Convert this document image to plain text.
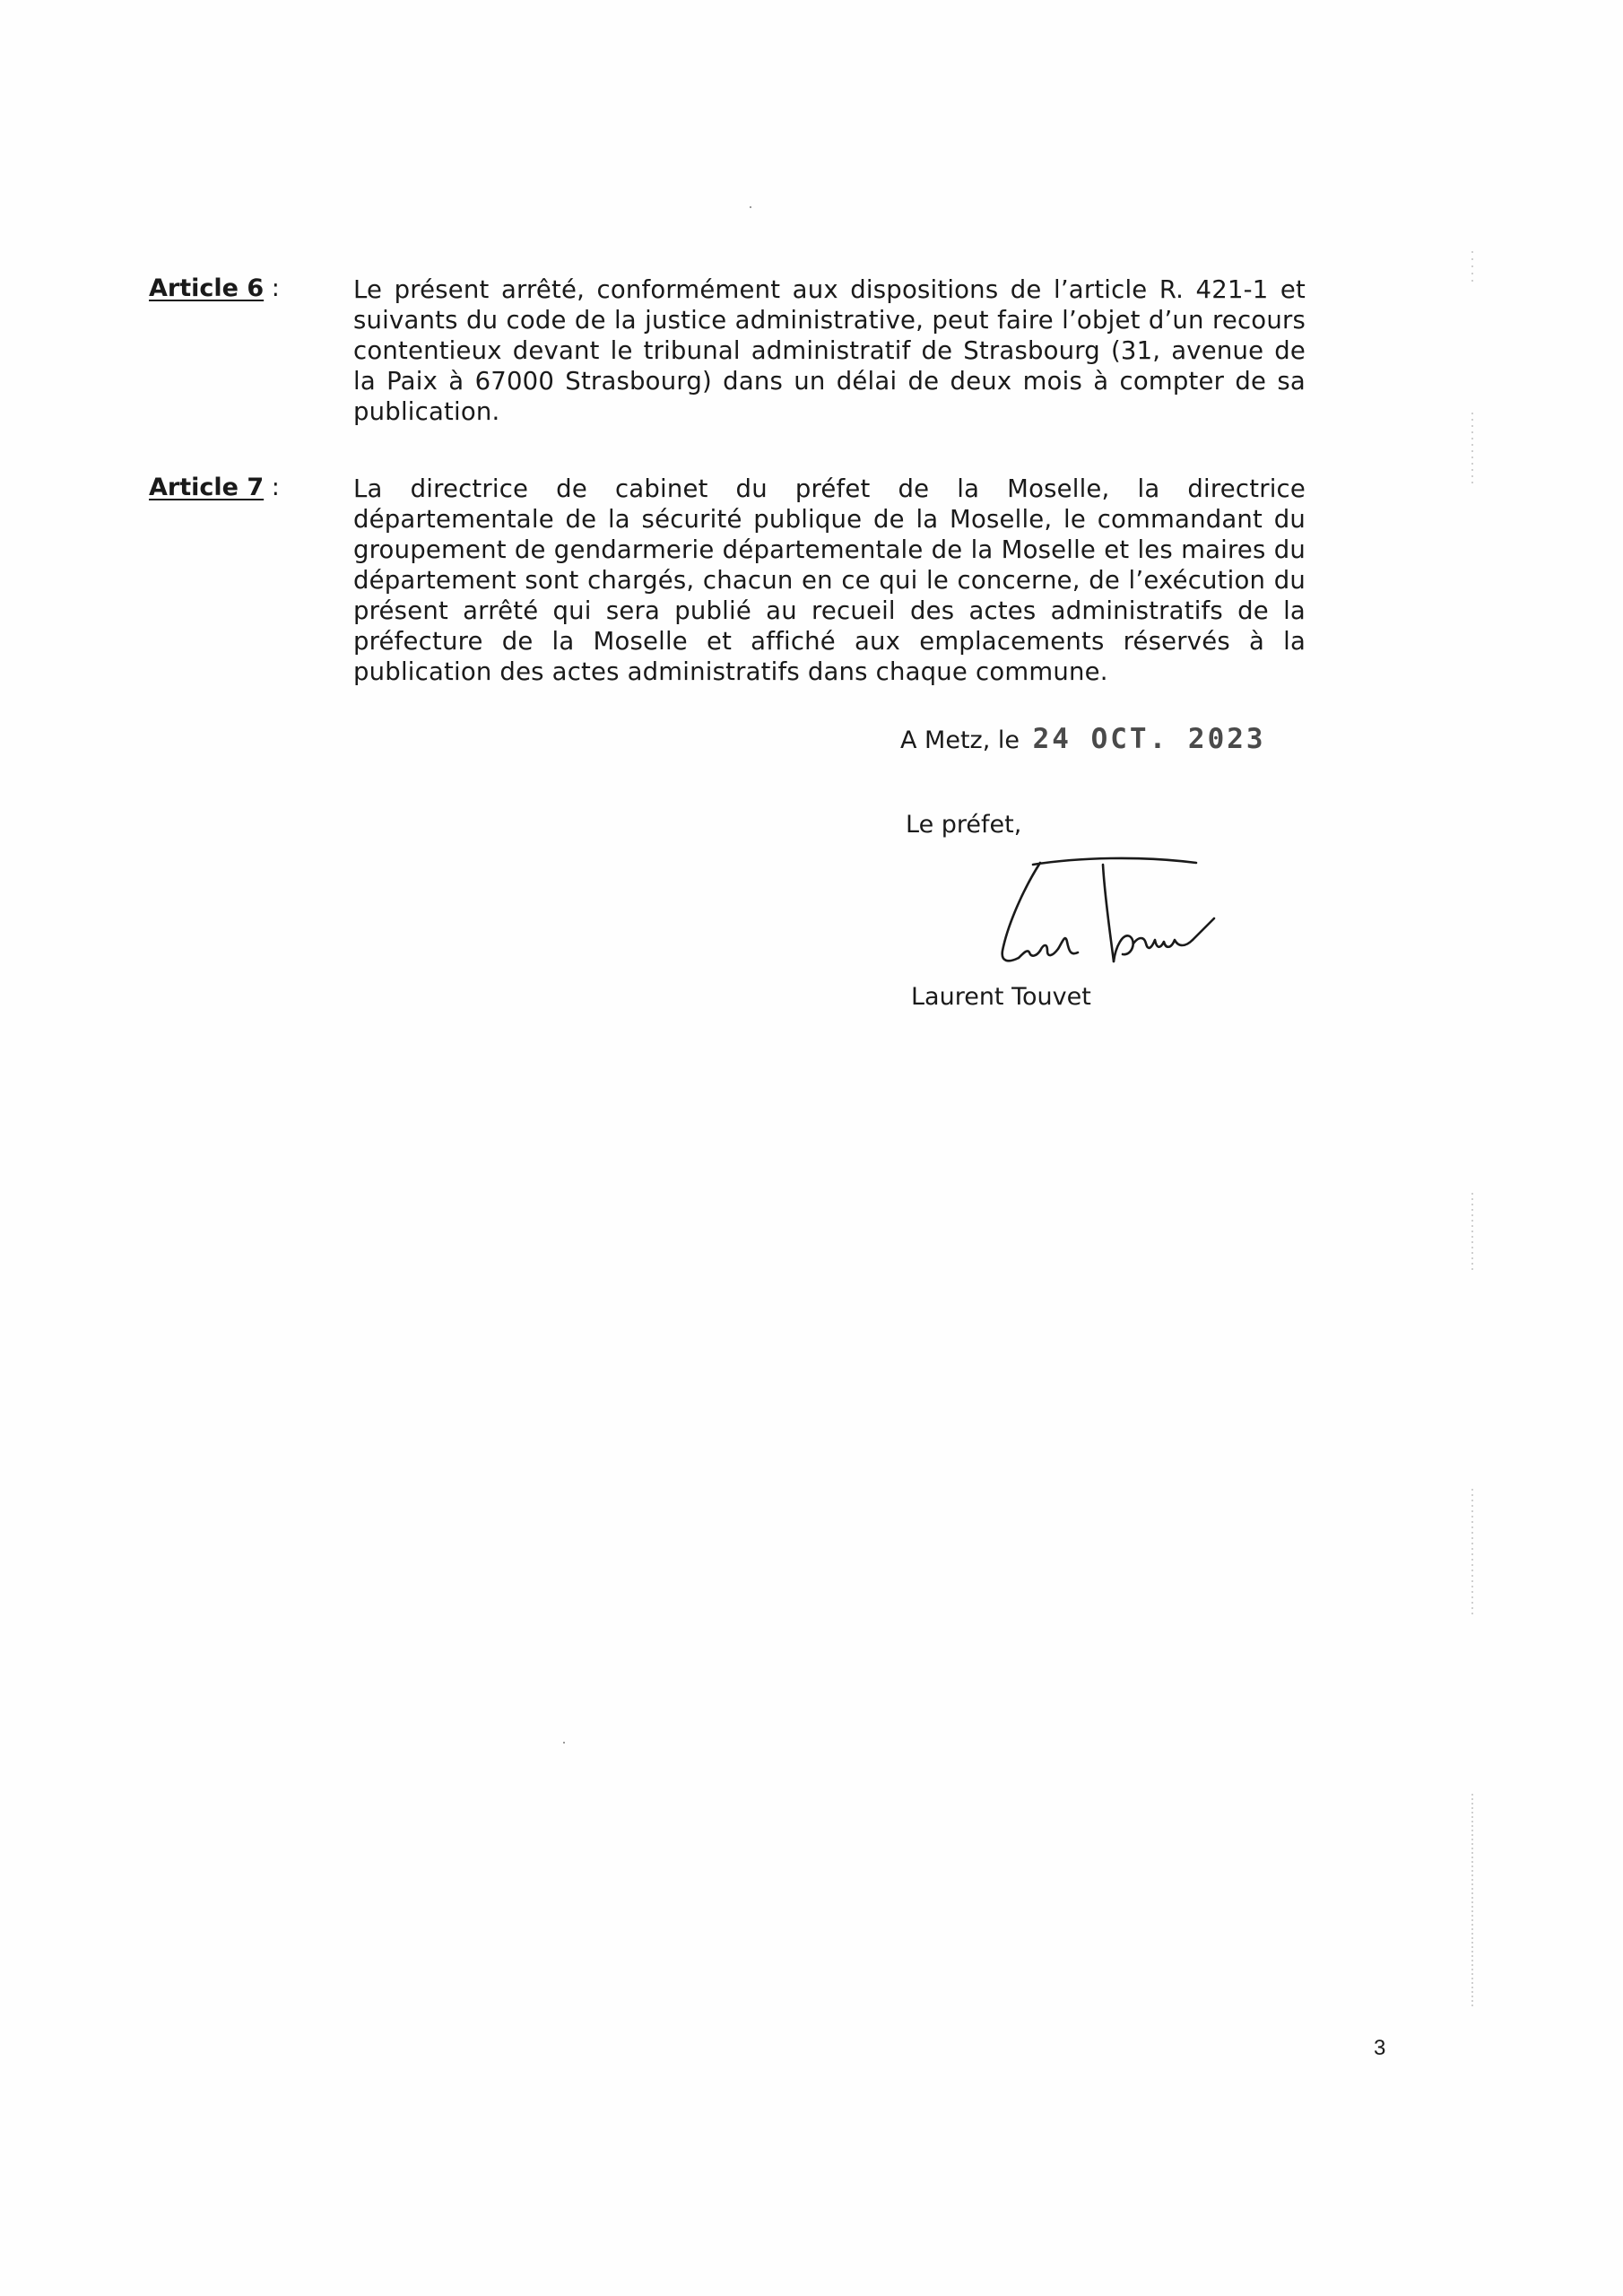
Article 6 :	Le présent arrêté, conformément aux dispositions de l’article R. 421-1 et suivants du code de la justice administrative, peut faire l’objet d’un recours contentieux devant le tribunal administratif de Strasbourg (31, avenue de la Paix à 67000 Strasbourg) dans un délai de deux mois à compter de sa publication.

Article 7 :	La directrice de cabinet du préfet de la Moselle, la directrice départementale de la sécurité publique de la Moselle, le commandant du groupement de gendarmerie départementale de la Moselle et les maires du département sont chargés, chacun en ce qui le concerne, de l’exécution du présent arrêté qui sera publié au recueil des actes administratifs de la préfecture de la Moselle et affiché aux emplacements réservés à la publication des actes administratifs dans chaque commune.

A Metz, le 24 OCT. 2023
Le préfet,
Laurent Touvet
3
